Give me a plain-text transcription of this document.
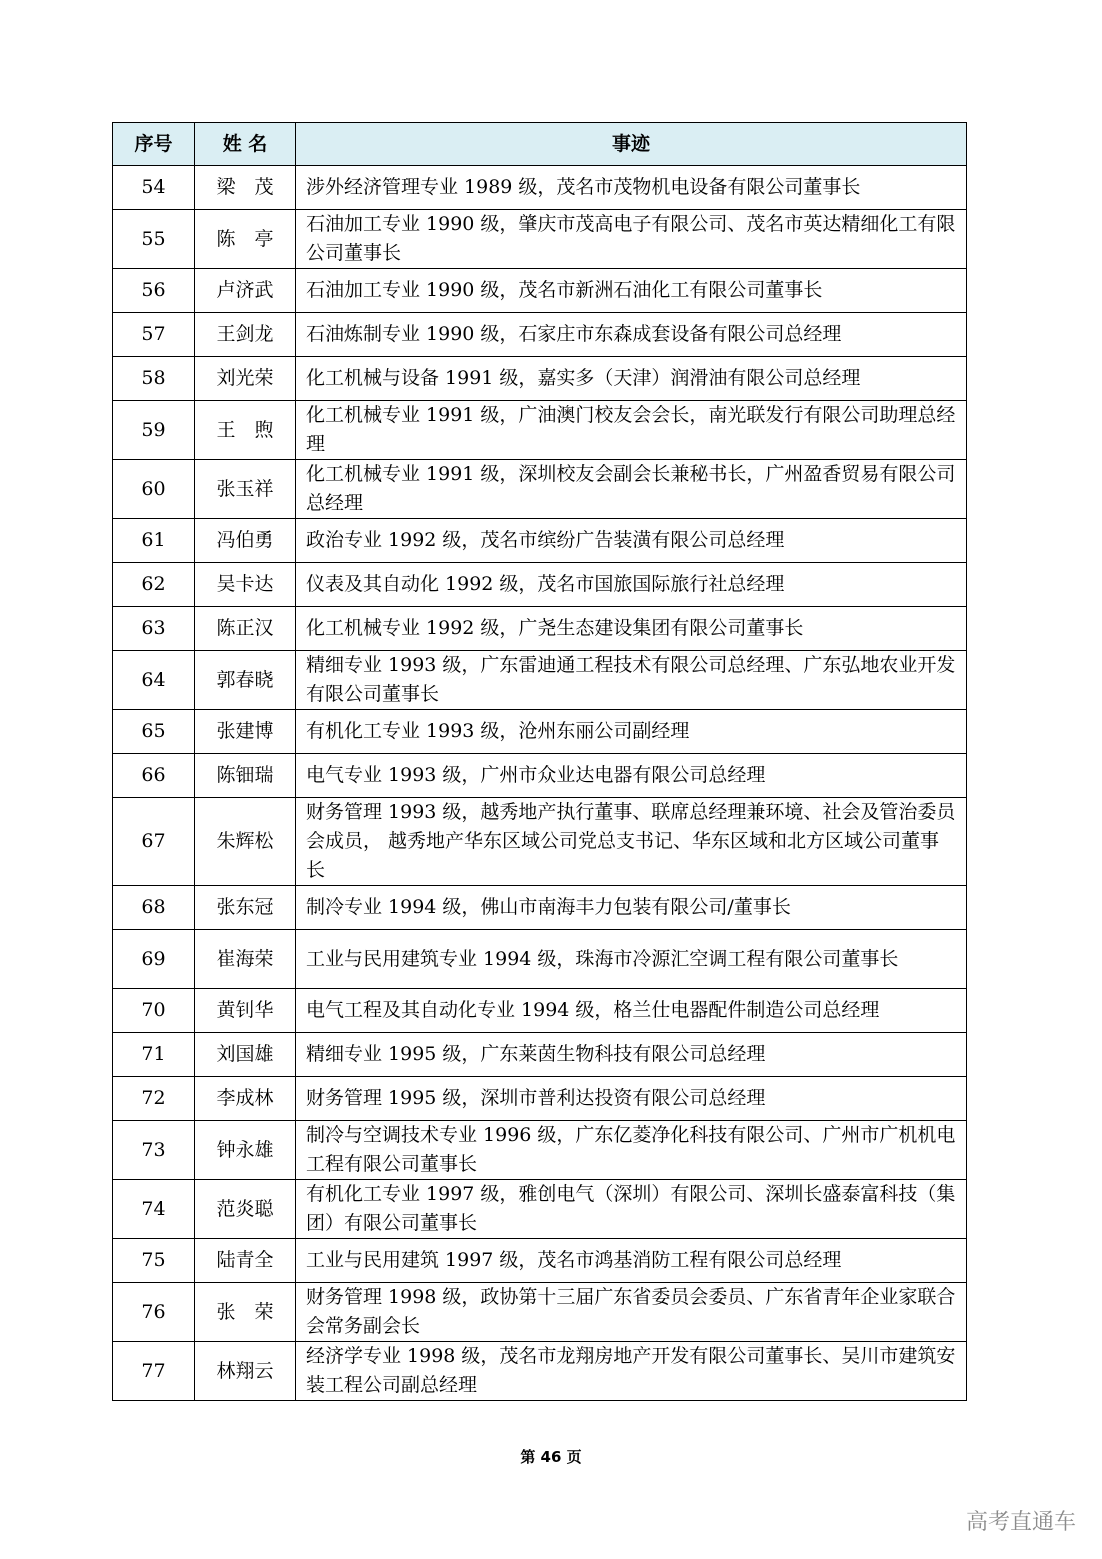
序号	姓 名	事迹
54	梁　茂	涉外经济管理专业 1989 级，茂名市茂物机电设备有限公司董事长
55	陈　亭	石油加工专业 1990 级，肇庆市茂高电子有限公司、茂名市英达精细化工有限公司董事长
56	卢济武	石油加工专业 1990 级，茂名市新洲石油化工有限公司董事长
57	王剑龙	石油炼制专业 1990 级，石家庄市东森成套设备有限公司总经理
58	刘光荣	化工机械与设备 1991 级，嘉实多（天津）润滑油有限公司总经理
59	王　煦	化工机械专业 1991 级，广油澳门校友会会长，南光联发行有限公司助理总经理
60	张玉祥	化工机械专业 1991 级，深圳校友会副会长兼秘书长，广州盈香贸易有限公司总经理
61	冯伯勇	政治专业 1992 级，茂名市缤纷广告装潢有限公司总经理
62	吴卡达	仪表及其自动化 1992 级，茂名市国旅国际旅行社总经理
63	陈正汉	化工机械专业 1992 级，广尧生态建设集团有限公司董事长
64	郭春晓	精细专业 1993 级，广东雷迪通工程技术有限公司总经理、广东弘地农业开发有限公司董事长
65	张建博	有机化工专业 1993 级，沧州东丽公司副经理
66	陈钿瑞	电气专业 1993 级，广州市众业达电器有限公司总经理
67	朱辉松	财务管理 1993 级，越秀地产执行董事、联席总经理兼环境、社会及管治委员会成员， 越秀地产华东区域公司党总支书记、华东区域和北方区域公司董事长
68	张东冠	制冷专业 1994 级，佛山市南海丰力包装有限公司/董事长
69	崔海荣	工业与民用建筑专业 1994 级，珠海市冷源汇空调工程有限公司董事长
70	黄钊华	电气工程及其自动化专业 1994 级，格兰仕电器配件制造公司总经理
71	刘国雄	精细专业 1995 级，广东莱茵生物科技有限公司总经理
72	李成林	财务管理 1995 级，深圳市普利达投资有限公司总经理
73	钟永雄	制冷与空调技术专业 1996 级，广东亿菱净化科技有限公司、广州市广机机电工程有限公司董事长
74	范炎聪	有机化工专业 1997 级，雅创电气（深圳）有限公司、深圳长盛泰富科技（集团）有限公司董事长
75	陆青全	工业与民用建筑 1997 级，茂名市鸿基消防工程有限公司总经理
76	张　荣	财务管理 1998 级，政协第十三届广东省委员会委员、广东省青年企业家联合会常务副会长
77	林翔云	经济学专业 1998 级，茂名市龙翔房地产开发有限公司董事长、吴川市建筑安装工程公司副总经理
第 46 页
高考直通车
